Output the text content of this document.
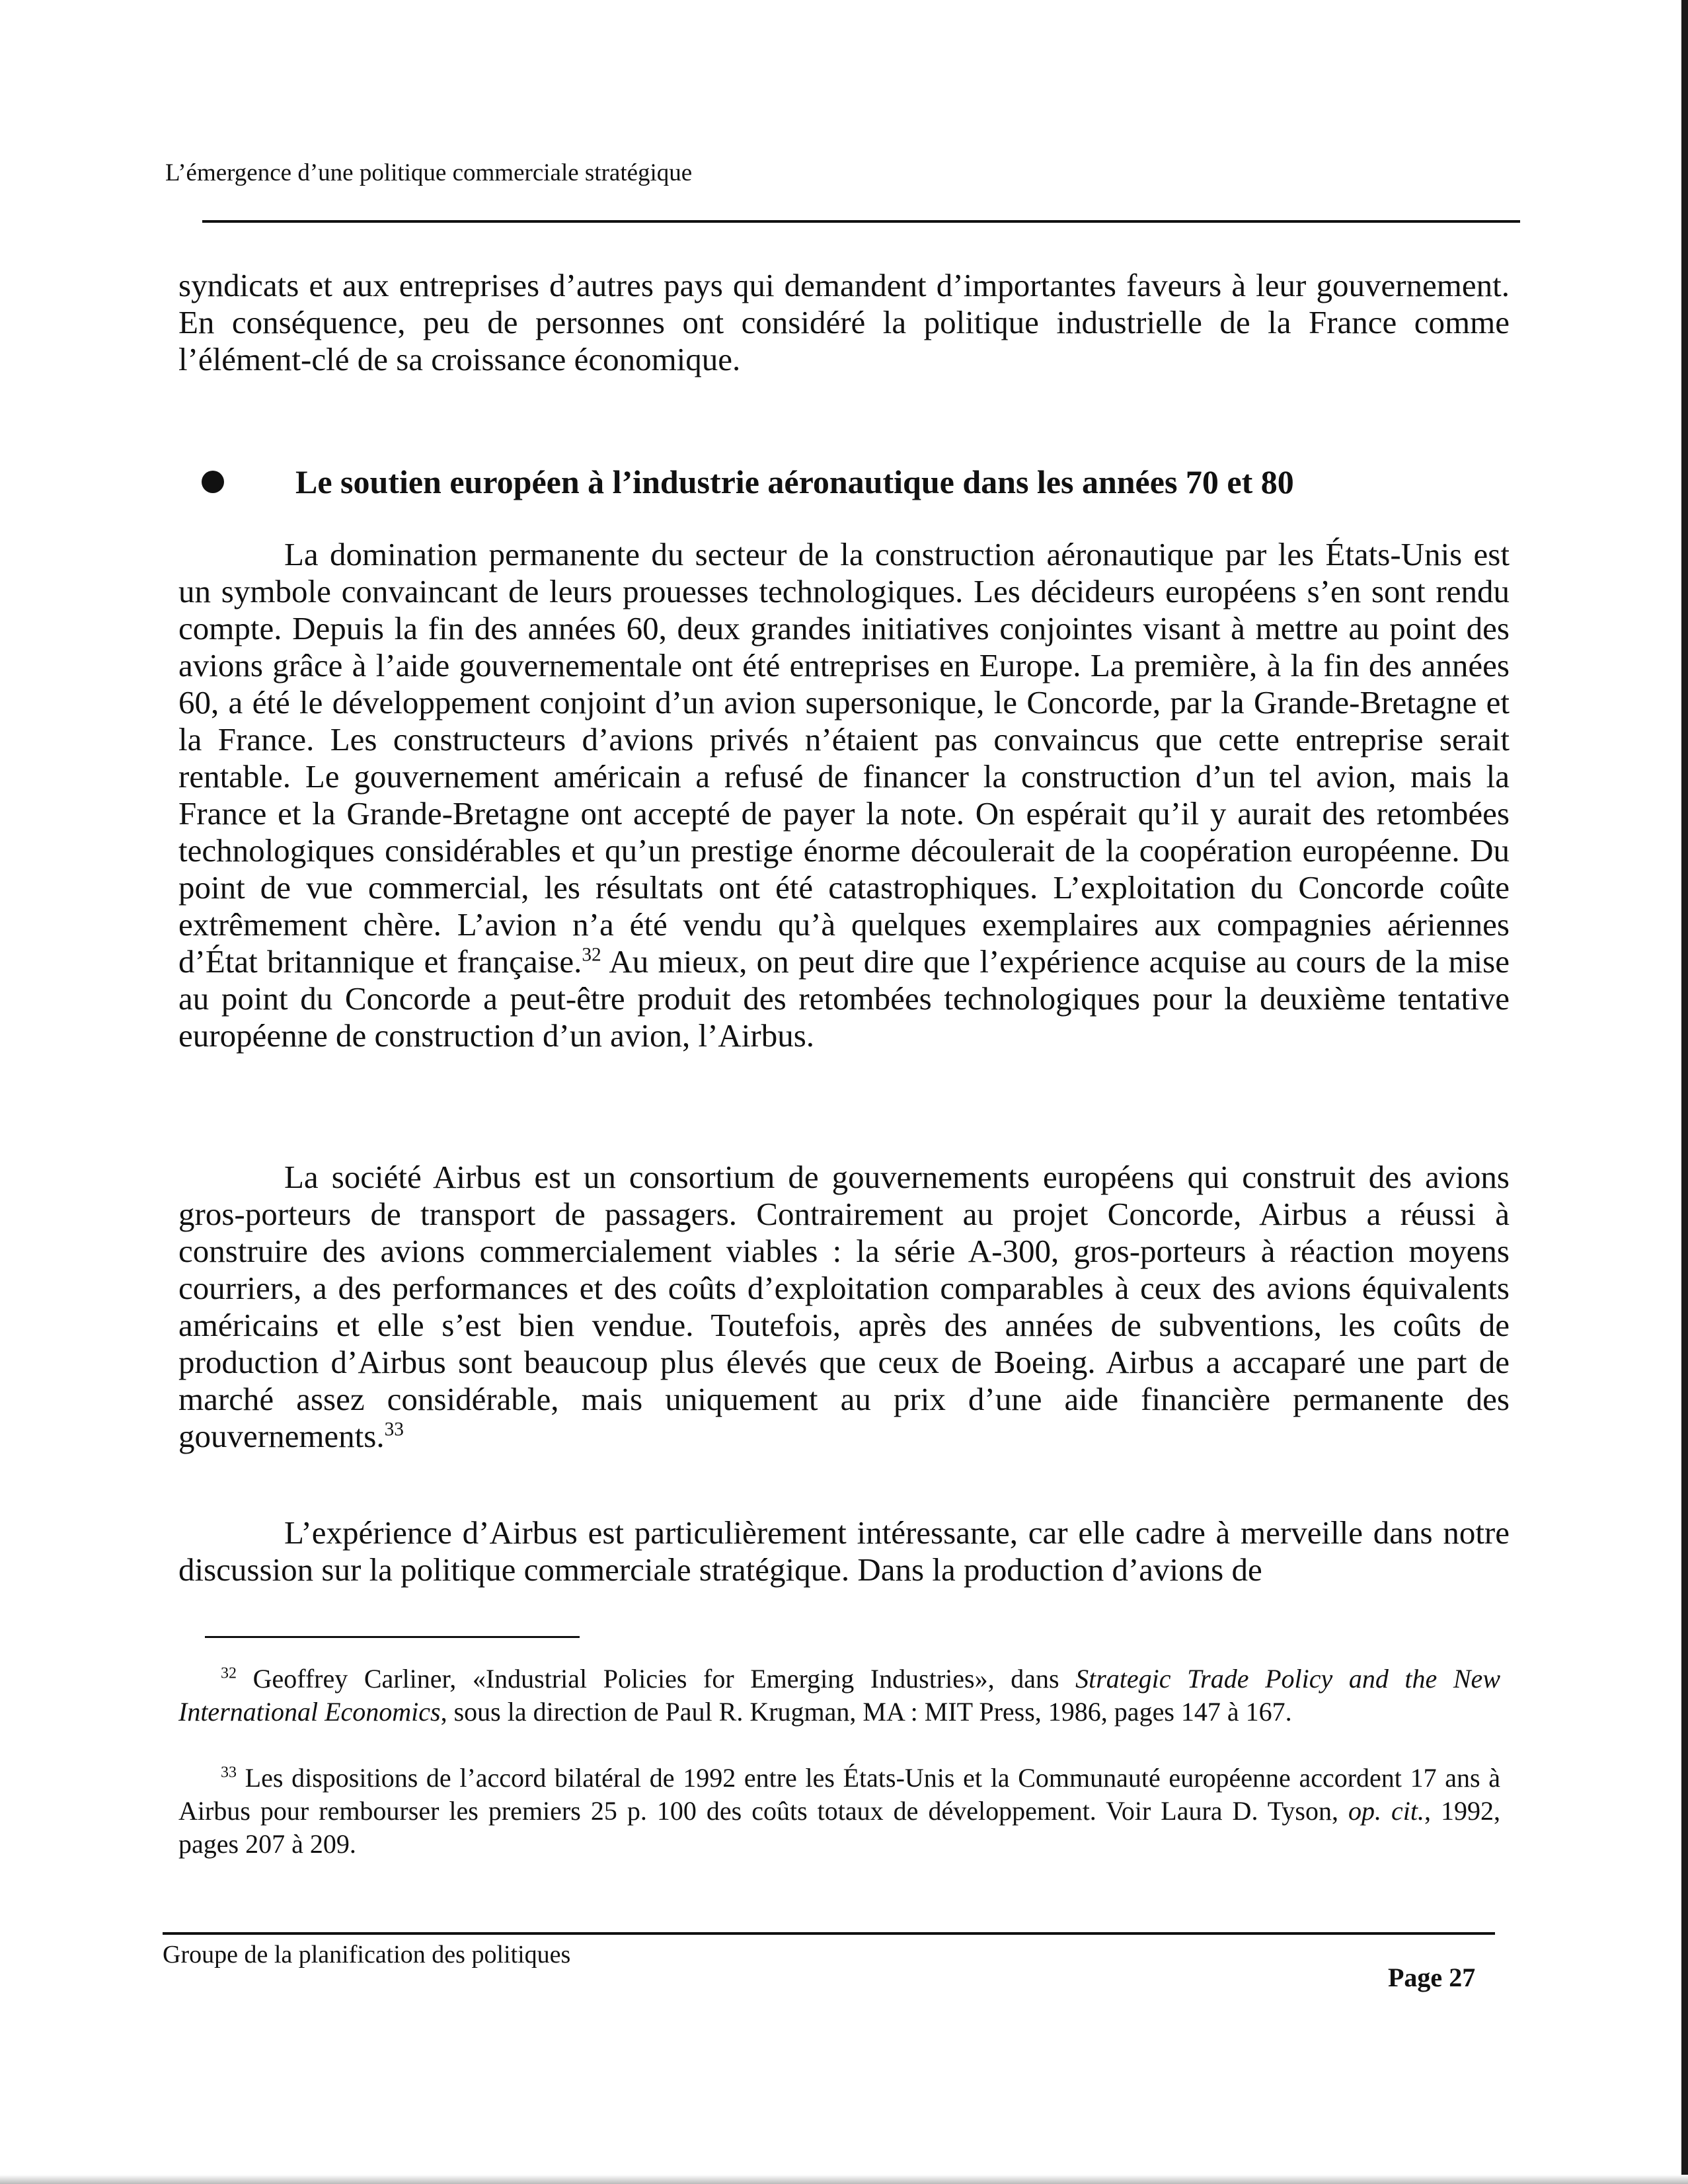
L’émergence d’une politique commerciale stratégique

syndicats et aux entreprises d’autres pays qui demandent d’importantes faveurs à leur gouvernement. En conséquence, peu de personnes ont considéré la politique industrielle de la France comme l’élément-clé de sa croissance économique.

Le soutien européen à l’industrie aéronautique dans les années 70 et 80

La domination permanente du secteur de la construction aéronautique par les États-Unis est un symbole convaincant de leurs prouesses technologiques. Les décideurs européens s’en sont rendu compte. Depuis la fin des années 60, deux grandes initiatives conjointes visant à mettre au point des avions grâce à l’aide gouvernementale ont été entreprises en Europe. La première, à la fin des années 60, a été le développement conjoint d’un avion supersonique, le Concorde, par la Grande-Bretagne et la France. Les constructeurs d’avions privés n’étaient pas convaincus que cette entreprise serait rentable. Le gouvernement américain a refusé de financer la construction d’un tel avion, mais la France et la Grande-Bretagne ont accepté de payer la note. On espérait qu’il y aurait des retombées technologiques considérables et qu’un prestige énorme découlerait de la coopération européenne. Du point de vue commercial, les résultats ont été catastrophiques. L’exploitation du Concorde coûte extrêmement chère. L’avion n’a été vendu qu’à quelques exemplaires aux compagnies aériennes d’État britannique et française.$^{32}$ Au mieux, on peut dire que l’expérience acquise au cours de la mise au point du Concorde a peut-être produit des retombées technologiques pour la deuxième tentative européenne de construction d’un avion, l’Airbus.

La société Airbus est un consortium de gouvernements européens qui construit des avions gros-porteurs de transport de passagers. Contrairement au projet Concorde, Airbus a réussi à construire des avions commercialement viables : la série A-300, gros-porteurs à réaction moyens courriers, a des performances et des coûts d’exploitation comparables à ceux des avions équivalents américains et elle s’est bien vendue. Toutefois, après des années de subventions, les coûts de production d’Airbus sont beaucoup plus élevés que ceux de Boeing. Airbus a accaparé une part de marché assez considérable, mais uniquement au prix d’une aide financière permanente des gouvernements.$^{33}$

L’expérience d’Airbus est particulièrement intéressante, car elle cadre à merveille dans notre discussion sur la politique commerciale stratégique. Dans la production d’avions de

$^{32}$ Geoffrey Carliner, «Industrial Policies for Emerging Industries», dans Strategic Trade Policy and the New International Economics, sous la direction de Paul R. Krugman, MA : MIT Press, 1986, pages 147 à 167.

$^{33}$ Les dispositions de l’accord bilatéral de 1992 entre les États-Unis et la Communauté européenne accordent 17 ans à Airbus pour rembourser les premiers 25 p. 100 des coûts totaux de développement. Voir Laura D. Tyson, op. cit., 1992, pages 207 à 209.

Groupe de la planification des politiques
Page 27
